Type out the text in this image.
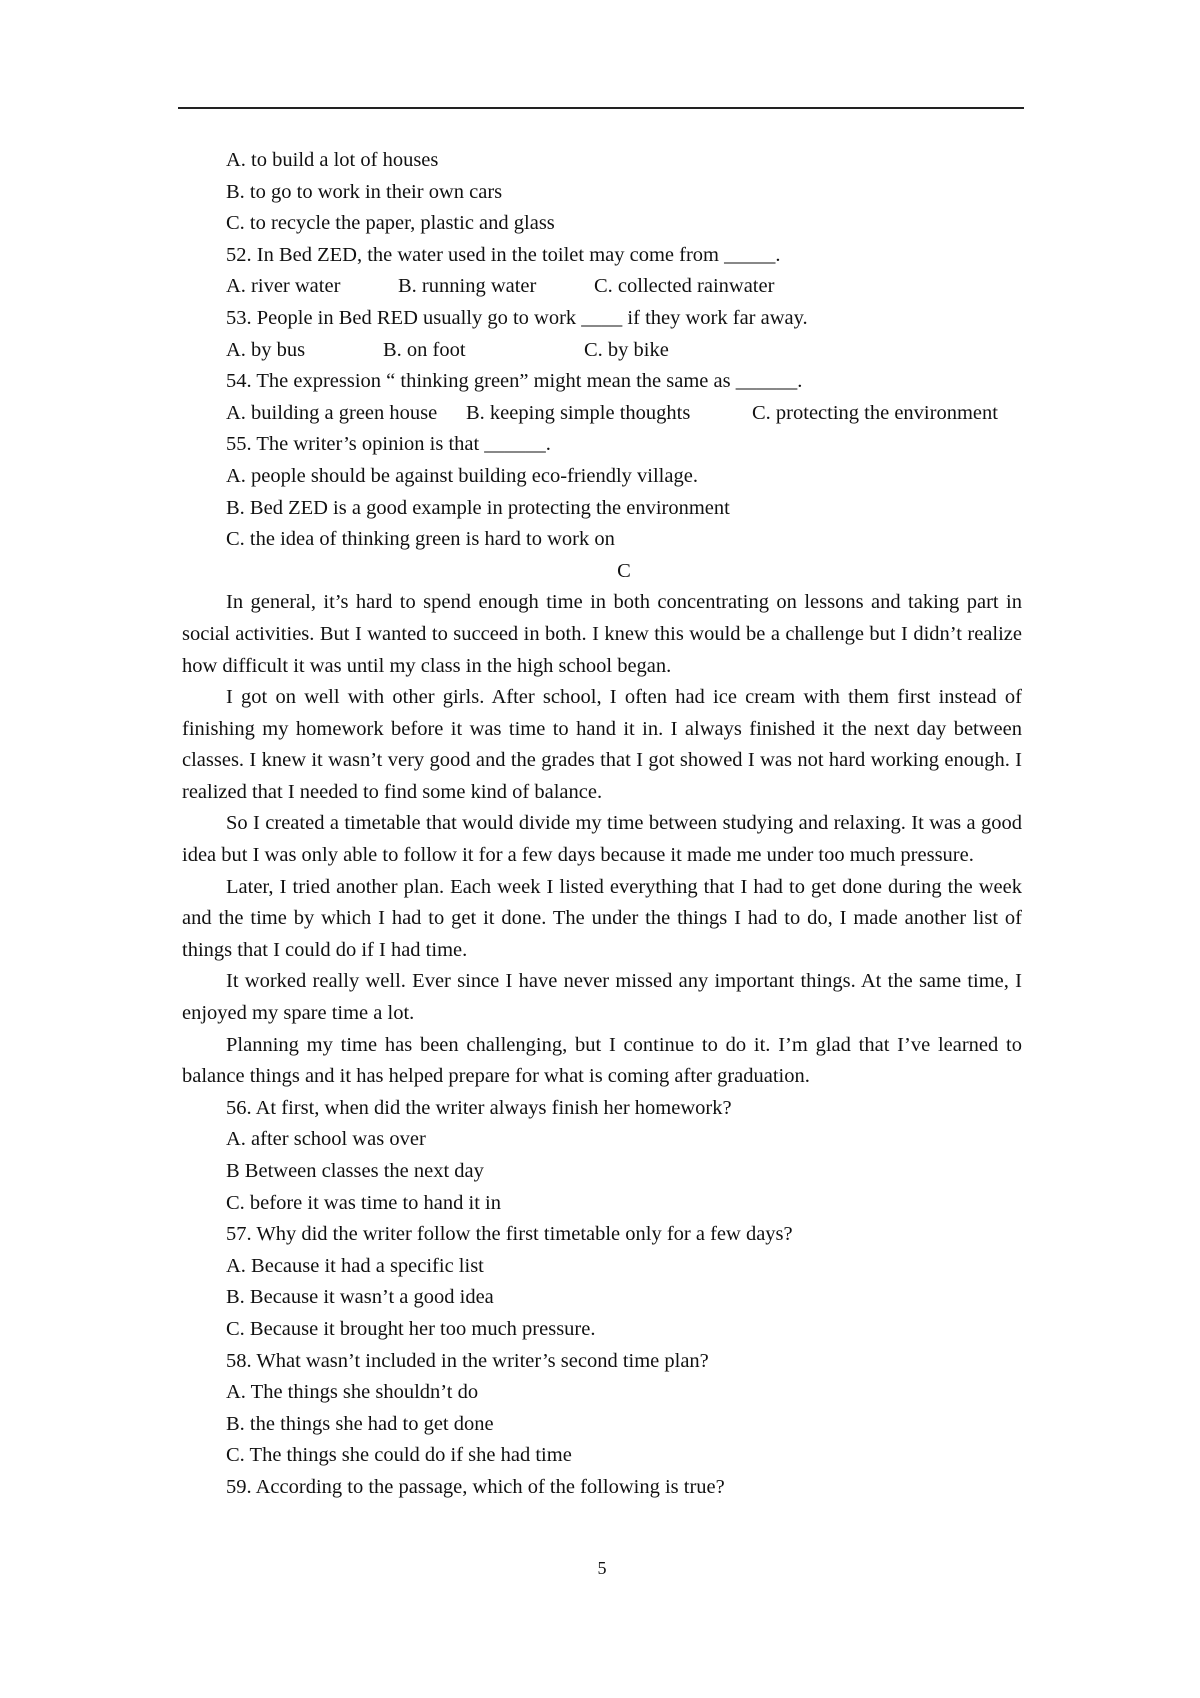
A. to build a lot of houses
B. to go to work in their own cars
C. to recycle the paper, plastic and glass
52. In Bed ZED, the water used in the toilet may come from _____.
A. river water	B. running water	C. collected rainwater
53. People in Bed RED usually go to work ____ if they work far away.
A. by bus	B. on foot	C. by bike
54. The expression “ thinking green” might mean the same as ______.
A. building a green house	B. keeping simple thoughts	C. protecting the environment
55. The writer’s opinion is that ______.
A. people should be against building eco-friendly village.
B. Bed ZED is a good example in protecting the environment
C. the idea of thinking green is hard to work on
C

In general, it’s hard to spend enough time in both concentrating on lessons and taking part in social activities. But I wanted to succeed in both. I knew this would be a challenge but I didn’t realize how difficult it was until my class in the high school began.

I got on well with other girls. After school, I often had ice cream with them first instead of finishing my homework before it was time to hand it in. I always finished it the next day between classes. I knew it wasn’t very good and the grades that I got showed I was not hard working enough. I realized that I needed to find some kind of balance.

So I created a timetable that would divide my time between studying and relaxing. It was a good idea but I was only able to follow it for a few days because it made me under too much pressure.

Later, I tried another plan. Each week I listed everything that I had to get done during the week and the time by which I had to get it done. The under the things I had to do, I made another list of things that I could do if I had time.

It worked really well. Ever since I have never missed any important things. At the same time, I enjoyed my spare time a lot.

Planning my time has been challenging, but I continue to do it. I’m glad that I’ve learned to balance things and it has helped prepare for what is coming after graduation.

56. At first, when did the writer always finish her homework?
A. after school was over
B Between classes the next day
C. before it was time to hand it in
57. Why did the writer follow the first timetable only for a few days?
A. Because it had a specific list
B. Because it wasn’t a good idea
C. Because it brought her too much pressure.
58. What wasn’t included in the writer’s second time plan?
A. The things she shouldn’t do
B. the things she had to get done
C. The things she could do if she had time
59. According to the passage, which of the following is true?
5
